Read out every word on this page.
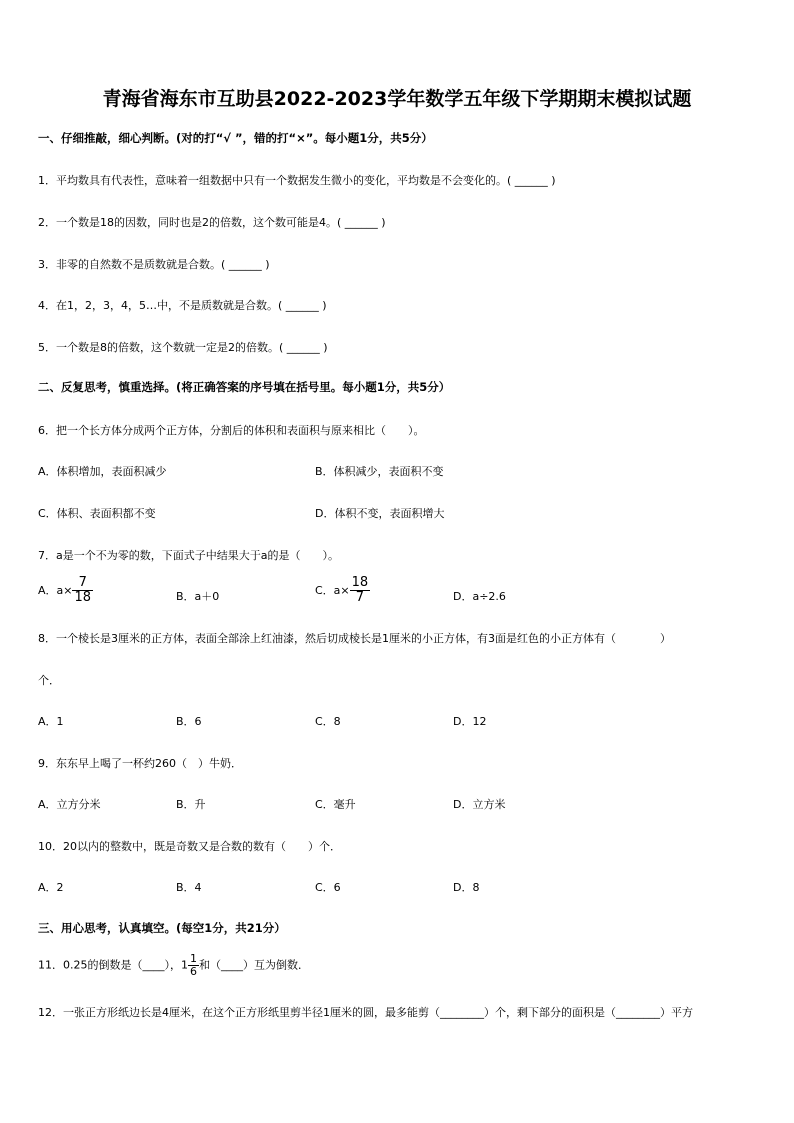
青海省海东市互助县2022-2023学年数学五年级下学期期末模拟试题
一、仔细推敲，细心判断。(对的打“√ ”，错的打“×”。每小题1分，共5分）
1．平均数具有代表性，意味着一组数据中只有一个数据发生微小的变化，平均数是不会变化的。( ______ )
2．一个数是18的因数，同时也是2的倍数，这个数可能是4。( ______ )
3．非零的自然数不是质数就是合数。( ______ )
4．在1，2，3，4，5…中，不是质数就是合数。( ______ )
5．一个数是8的倍数，这个数就一定是2的倍数。( ______ )
二、反复思考，慎重选择。(将正确答案的序号填在括号里。每小题1分，共5分）
6．把一个长方体分成两个正方体，分割后的体积和表面积与原来相比（　　）。
A．体积增加，表面积减少	B．体积减少，表面积不变
C．体积、表面积都不变	D．体积不变，表面积增大
7．a是一个不为零的数，下面式子中结果大于a的是（　　）。
A．$a\times \frac{7}{18}$	B．a＋0	C．$a\times \frac{18}{7}$	D．a÷2.6
8．一个棱长是3厘米的正方体，表面全部涂上红油漆，然后切成棱长是1厘米的小正方体，有3面是红色的小正方体有（　　　　）
个．
A．1	B．6	C．8	D．12
9．东东早上喝了一杯约260（　）牛奶．
A．立方分米	B．升	C．毫升	D．立方米
10．20以内的整数中，既是奇数又是合数的数有（　　）个．
A．2	B．4	C．6	D．8
三、用心思考，认真填空。(每空1分，共21分）
11．0.25的倒数是（____），$1 \frac{1}{6}$ 和（____）互为倒数．
12．一张正方形纸边长是4厘米，在这个正方形纸里剪半径1厘米的圆，最多能剪（________）个，剩下部分的面积是（________）平方
